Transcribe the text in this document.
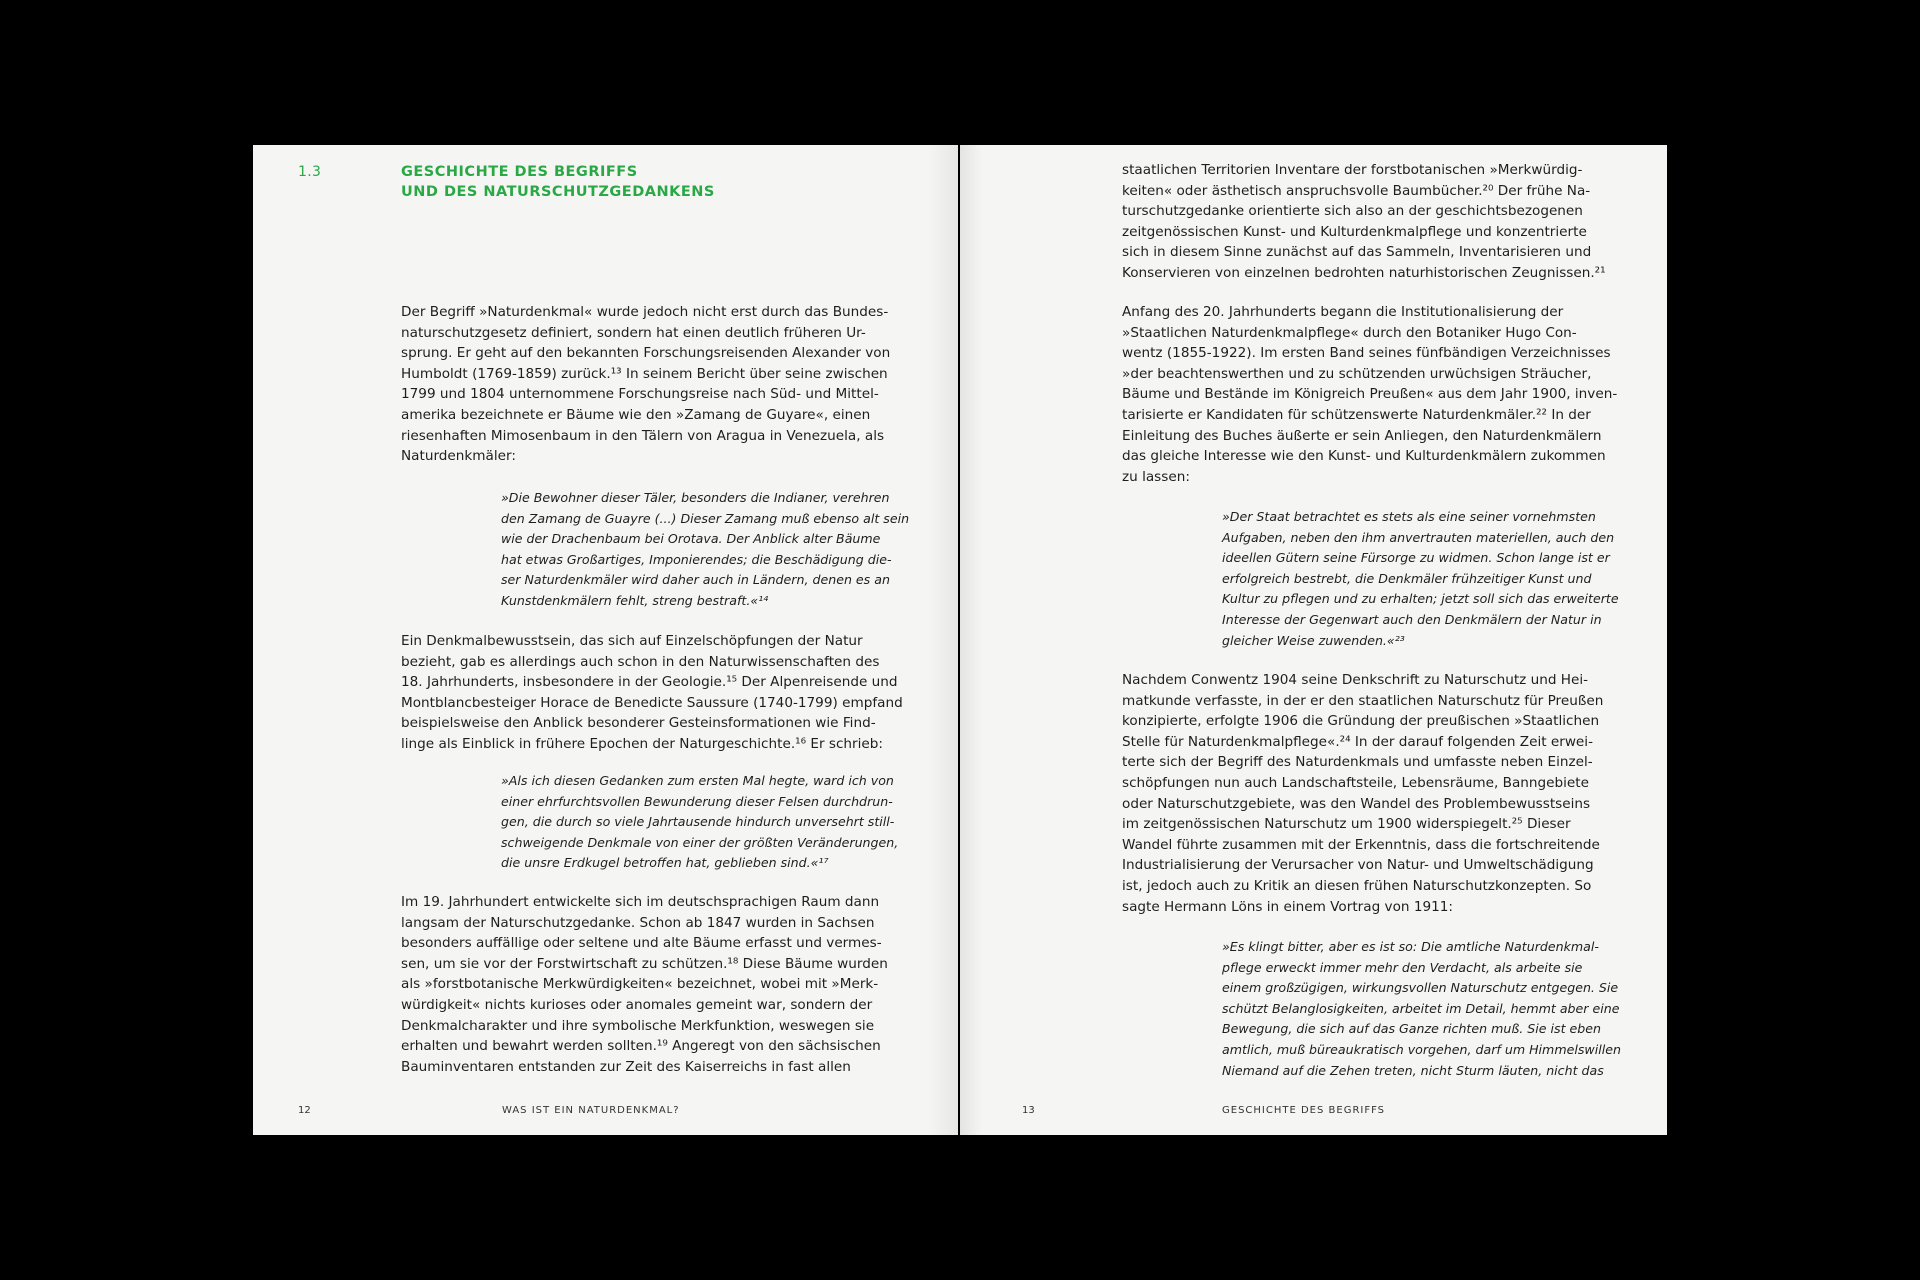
1.3	GESCHICHTE DES BEGRIFFS
UND DES NATURSCHUTZGEDANKENS
Der Begriff »Naturdenkmal« wurde jedoch nicht erst durch das Bundes-
naturschutzgesetz definiert, sondern hat einen deutlich früheren Ur-
sprung. Er geht auf den bekannten Forschungsreisenden Alexander von
Humboldt (1769-1859) zurück.¹³ In seinem Bericht über seine zwischen
1799 und 1804 unternommene Forschungsreise nach Süd- und Mittel-
amerika bezeichnete er Bäume wie den »Zamang de Guyare«, einen
riesenhaften Mimosenbaum in den Tälern von Aragua in Venezuela, als
Naturdenkmäler:
»Die Bewohner dieser Täler, besonders die Indianer, verehren
den Zamang de Guayre (...) Dieser Zamang muß ebenso alt sein
wie der Drachenbaum bei Orotava. Der Anblick alter Bäume
hat etwas Großartiges, Imponierendes; die Beschädigung die-
ser Naturdenkmäler wird daher auch in Ländern, denen es an
Kunstdenkmälern fehlt, streng bestraft.«¹⁴
Ein Denkmalbewusstsein, das sich auf Einzelschöpfungen der Natur
bezieht, gab es allerdings auch schon in den Naturwissenschaften des
18. Jahrhunderts, insbesondere in der Geologie.¹⁵ Der Alpenreisende und
Montblancbesteiger Horace de Benedicte Saussure (1740-1799) empfand
beispielsweise den Anblick besonderer Gesteinsformationen wie Find-
linge als Einblick in frühere Epochen der Naturgeschichte.¹⁶ Er schrieb:
»Als ich diesen Gedanken zum ersten Mal hegte, ward ich von
einer ehrfurchtsvollen Bewunderung dieser Felsen durchdrun-
gen, die durch so viele Jahrtausende hindurch unversehrt still-
schweigende Denkmale von einer der größten Veränderungen,
die unsre Erdkugel betroffen hat, geblieben sind.«¹⁷
Im 19. Jahrhundert entwickelte sich im deutschsprachigen Raum dann
langsam der Naturschutzgedanke. Schon ab 1847 wurden in Sachsen
besonders auffällige oder seltene und alte Bäume erfasst und vermes-
sen, um sie vor der Forstwirtschaft zu schützen.¹⁸ Diese Bäume wurden
als »forstbotanische Merkwürdigkeiten« bezeichnet, wobei mit »Merk-
würdigkeit« nichts kurioses oder anomales gemeint war, sondern der
Denkmalcharakter und ihre symbolische Merkfunktion, weswegen sie
erhalten und bewahrt werden sollten.¹⁹ Angeregt von den sächsischen
Bauminventaren entstanden zur Zeit des Kaiserreichs in fast allen
12	WAS IST EIN NATURDENKMAL?
staatlichen Territorien Inventare der forstbotanischen »Merkwürdig-
keiten« oder ästhetisch anspruchsvolle Baumbücher.²⁰ Der frühe Na-
turschutzgedanke orientierte sich also an der geschichtsbezogenen
zeitgenössischen Kunst- und Kulturdenkmalpflege und konzentrierte
sich in diesem Sinne zunächst auf das Sammeln, Inventarisieren und
Konservieren von einzelnen bedrohten naturhistorischen Zeugnissen.²¹
Anfang des 20. Jahrhunderts begann die Institutionalisierung der
»Staatlichen Naturdenkmalpflege« durch den Botaniker Hugo Con-
wentz (1855-1922). Im ersten Band seines fünfbändigen Verzeichnisses
»der beachtenswerthen und zu schützenden urwüchsigen Sträucher,
Bäume und Bestände im Königreich Preußen« aus dem Jahr 1900, inven-
tarisierte er Kandidaten für schützenswerte Naturdenkmäler.²² In der
Einleitung des Buches äußerte er sein Anliegen, den Naturdenkmälern
das gleiche Interesse wie den Kunst- und Kulturdenkmälern zukommen
zu lassen:
»Der Staat betrachtet es stets als eine seiner vornehmsten
Aufgaben, neben den ihm anvertrauten materiellen, auch den
ideellen Gütern seine Fürsorge zu widmen. Schon lange ist er
erfolgreich bestrebt, die Denkmäler frühzeitiger Kunst und
Kultur zu pflegen und zu erhalten; jetzt soll sich das erweiterte
Interesse der Gegenwart auch den Denkmälern der Natur in
gleicher Weise zuwenden.«²³
Nachdem Conwentz 1904 seine Denkschrift zu Naturschutz und Hei-
matkunde verfasste, in der er den staatlichen Naturschutz für Preußen
konzipierte, erfolgte 1906 die Gründung der preußischen »Staatlichen
Stelle für Naturdenkmalpflege«.²⁴ In der darauf folgenden Zeit erwei-
terte sich der Begriff des Naturdenkmals und umfasste neben Einzel-
schöpfungen nun auch Landschaftsteile, Lebensräume, Banngebiete
oder Naturschutzgebiete, was den Wandel des Problembewusstseins
im zeitgenössischen Naturschutz um 1900 widerspiegelt.²⁵ Dieser
Wandel führte zusammen mit der Erkenntnis, dass die fortschreitende
Industrialisierung der Verursacher von Natur- und Umweltschädigung
ist, jedoch auch zu Kritik an diesen frühen Naturschutzkonzepten. So
sagte Hermann Löns in einem Vortrag von 1911:
»Es klingt bitter, aber es ist so: Die amtliche Naturdenkmal-
pflege erweckt immer mehr den Verdacht, als arbeite sie
einem großzügigen, wirkungsvollen Naturschutz entgegen. Sie
schützt Belanglosigkeiten, arbeitet im Detail, hemmt aber eine
Bewegung, die sich auf das Ganze richten muß. Sie ist eben
amtlich, muß büreaukratisch vorgehen, darf um Himmelswillen
Niemand auf die Zehen treten, nicht Sturm läuten, nicht das
13	GESCHICHTE DES BEGRIFFS
